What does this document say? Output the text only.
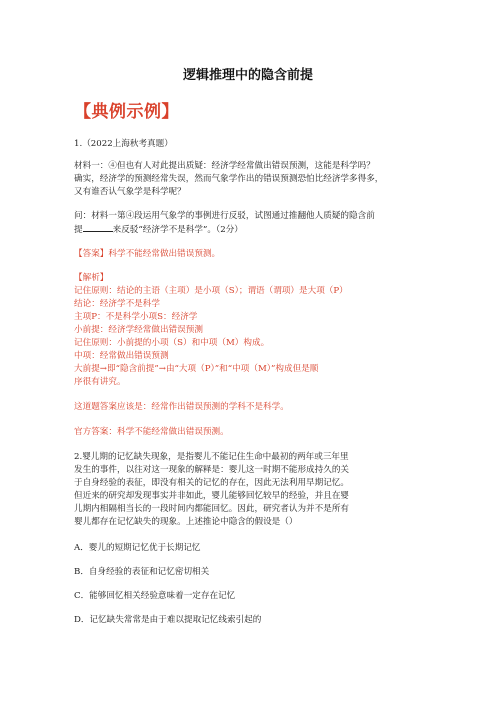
逻辑推理中的隐含前提
【典例示例】
1.（2022上海秋考真题）
材料一：④但也有人对此提出质疑：经济学经常做出错误预测，这能是科学吗？
确实，经济学的预测经常失误，然而气象学作出的错误预测恐怕比经济学多得多，
又有谁否认气象学是科学呢？
问：材料一第④段运用气象学的事例进行反驳，试图通过推翻他人质疑的隐含前
提	来反驳“经济学不是科学”。（2分）
【答案】科学不能经常做出错误预测。
【解析】
记住原则：结论的主语（主项）是小项（S）；谓语（谓项）是大项（P）
结论：经济学不是科学
主项P：不是科学小项S：经济学
小前提：经济学经常做出错误预测
记住原则：小前提的小项（S）和中项（M）构成。
中项：经常做出错误预测
大前提→即“隐含前提”→由“大项（P）”和“中项（M）”构成但是顺
序很有讲究。
这道题答案应该是：经常作出错误预测的学科不是科学。
官方答案：科学不能经常做出错误预测。
2.婴儿期的记忆缺失现象，是指婴儿不能记住生命中最初的两年或三年里
发生的事件，以往对这一现象的解释是：婴儿这一时期不能形成持久的关
于自身经验的表征，即没有相关的记忆的存在，因此无法利用早期记忆。
但近来的研究却发现事实并非如此，婴儿能够回忆较早的经验，并且在婴
儿期内相隔相当长的一段时间内都能回忆。因此，研究者认为并不是所有
婴儿都存在记忆缺失的现象。上述推论中隐含的假设是（）
A．婴儿的短期记忆优于长期记忆
B．自身经验的表征和记忆密切相关
C．能够回忆相关经验意味着一定存在记忆
D．记忆缺失常常是由于难以提取记忆线索引起的
